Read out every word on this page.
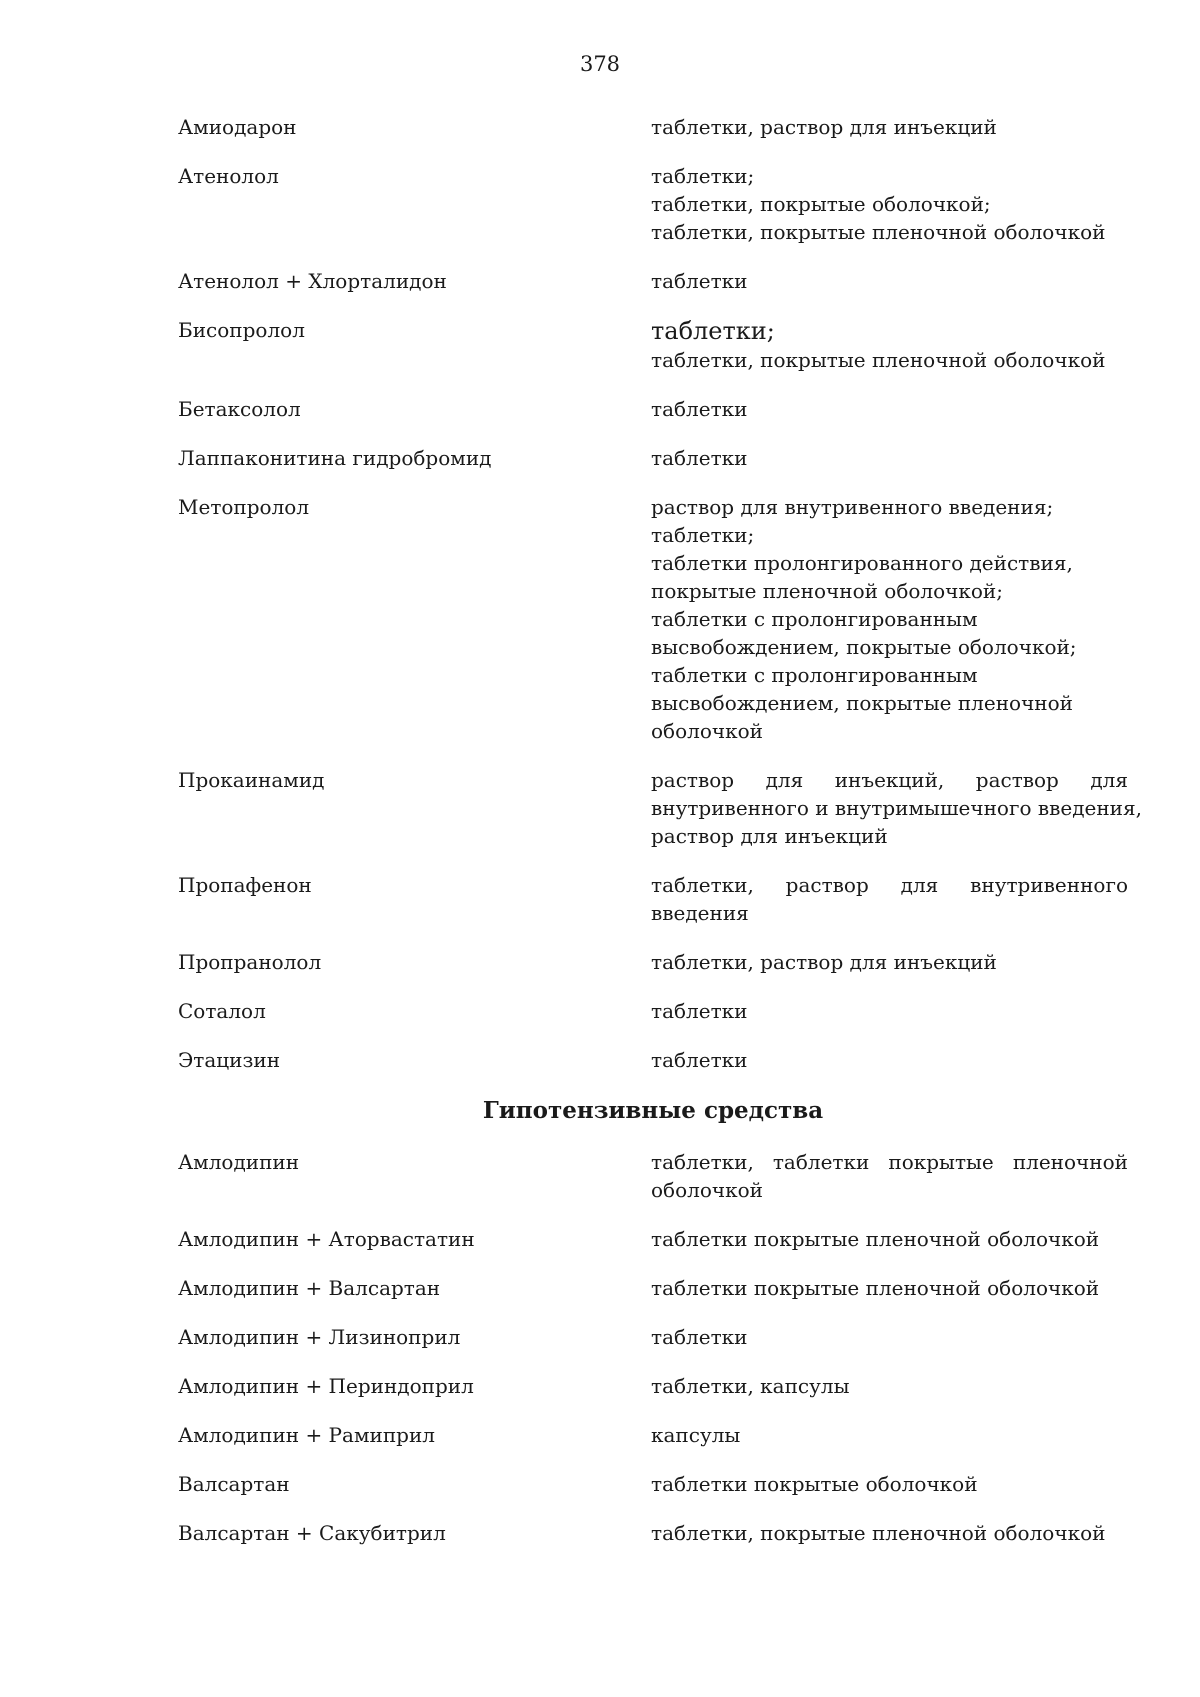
378
Амиодарон	таблетки, раствор для инъекций
Атенолол	таблетки;
таблетки, покрытые оболочкой;
таблетки, покрытые пленочной оболочкой
Атенолол + Хлорталидон	таблетки
Бисопролол	таблетки;
таблетки, покрытые пленочной оболочкой
Бетаксолол	таблетки
Лаппаконитина гидробромид	таблетки
Метопролол	раствор для внутривенного введения;
таблетки;
таблетки пролонгированного действия,
покрытые пленочной оболочкой;
таблетки с пролонгированным
высвобождением, покрытые оболочкой;
таблетки с пролонгированным
высвобождением, покрытые пленочной
оболочкой
Прокаинамид	раствор для инъекций, раствор для
внутривенного и внутримышечного введения,
раствор для инъекций
Пропафенон	таблетки, раствор для внутривенного
введения
Пропранолол	таблетки, раствор для инъекций
Соталол	таблетки
Этацизин	таблетки
Гипотензивные средства
Амлодипин	таблетки, таблетки покрытые пленочной
оболочкой
Амлодипин + Аторвастатин	таблетки покрытые пленочной оболочкой
Амлодипин + Валсартан	таблетки покрытые пленочной оболочкой
Амлодипин + Лизиноприл	таблетки
Амлодипин + Периндоприл	таблетки, капсулы
Амлодипин + Рамиприл	капсулы
Валсартан	таблетки покрытые оболочкой
Валсартан + Сакубитрил	таблетки, покрытые пленочной оболочкой
